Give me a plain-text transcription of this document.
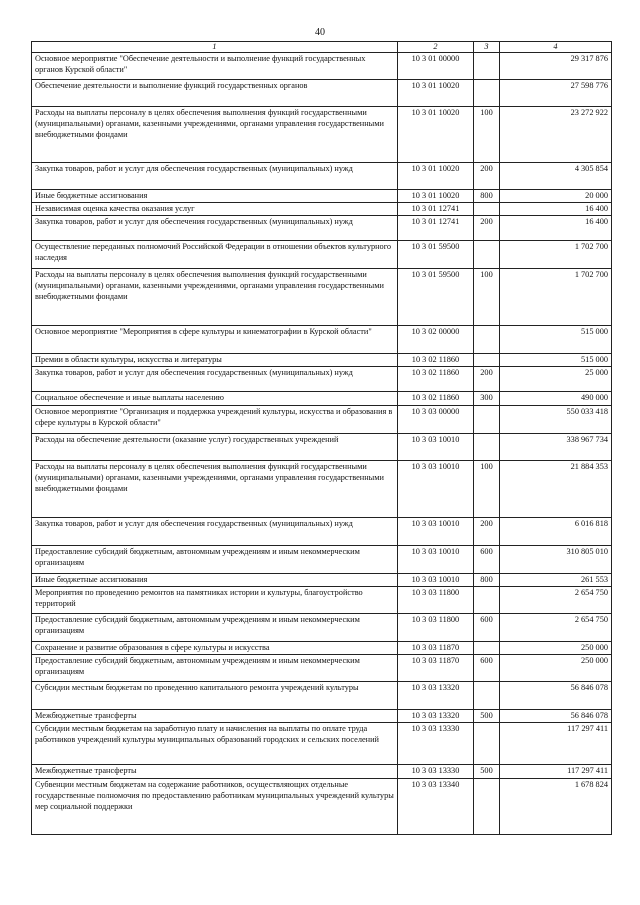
40
1	2	3	4
Основное мероприятие "Обеспечение деятельности и выполнение функций государственных органов Курской области"	10 3 01 00000		29 317 876
Обеспечение деятельности и выполнение функций государственных органов	10 3 01 10020		27 598 776
Расходы на выплаты персоналу в целях обеспечения выполнения функций государственными (муниципальными) органами, казенными учреждениями, органами управления государственными внебюджетными фондами	10 3 01 10020	100	23 272 922
Закупка товаров, работ и услуг для обеспечения государственных (муниципальных) нужд	10 3 01 10020	200	4 305 854
Иные бюджетные ассигнования	10 3 01 10020	800	20 000
Независимая оценка качества оказания услуг	10 3 01 12741		16 400
Закупка товаров, работ и услуг для обеспечения государственных (муниципальных) нужд	10 3 01 12741	200	16 400
Осуществление переданных полномочий Российской Федерации в отношении объектов культурного наследия	10 3 01 59500		1 702 700
Расходы на выплаты персоналу в целях обеспечения выполнения функций государственными (муниципальными) органами, казенными учреждениями, органами управления государственными внебюджетными фондами	10 3 01 59500	100	1 702 700
Основное мероприятие "Мероприятия в сфере культуры и кинематографии в Курской области"	10 3 02 00000		515 000
Премии в области культуры, искусства и литературы	10 3 02 11860		515 000
Закупка товаров, работ и услуг для обеспечения государственных (муниципальных) нужд	10 3 02 11860	200	25 000
Социальное обеспечение и иные выплаты населению	10 3 02 11860	300	490 000
Основное мероприятие "Организация и поддержка учреждений культуры, искусства и образования в сфере культуры в Курской области"	10 3 03 00000		550 033 418
Расходы на обеспечение деятельности (оказание услуг) государственных учреждений	10 3 03 10010		338 967 734
Расходы на выплаты персоналу в целях обеспечения выполнения функций государственными (муниципальными) органами, казенными учреждениями, органами управления государственными внебюджетными фондами	10 3 03 10010	100	21 884 353
Закупка товаров, работ и услуг для обеспечения государственных (муниципальных) нужд	10 3 03 10010	200	6 016 818
Предоставление субсидий бюджетным, автономным учреждениям и иным некоммерческим организациям	10 3 03 10010	600	310 805 010
Иные бюджетные ассигнования	10 3 03 10010	800	261 553
Мероприятия по проведению ремонтов на памятниках истории и культуры, благоустройство территорий	10 3 03 11800		2 654 750
Предоставление субсидий бюджетным, автономным учреждениям и иным некоммерческим организациям	10 3 03 11800	600	2 654 750
Сохранение и развитие образования в сфере культуры и искусства	10 3 03 11870		250 000
Предоставление субсидий бюджетным, автономным учреждениям и иным некоммерческим организациям	10 3 03 11870	600	250 000
Субсидии местным бюджетам по проведению капитального ремонта учреждений культуры	10 3 03 13320		56 846 078
Межбюджетные трансферты	10 3 03 13320	500	56 846 078
Субсидии местным бюджетам на заработную плату и начисления на выплаты по оплате труда работников учреждений культуры муниципальных образований городских и сельских поселений	10 3 03 13330		117 297 411
Межбюджетные трансферты	10 3 03 13330	500	117 297 411
Субвенции местным бюджетам на содержание работников, осуществляющих отдельные государственные полномочия по предоставлению работникам муниципальных учреждений культуры мер социальной поддержки	10 3 03 13340		1 678 824
